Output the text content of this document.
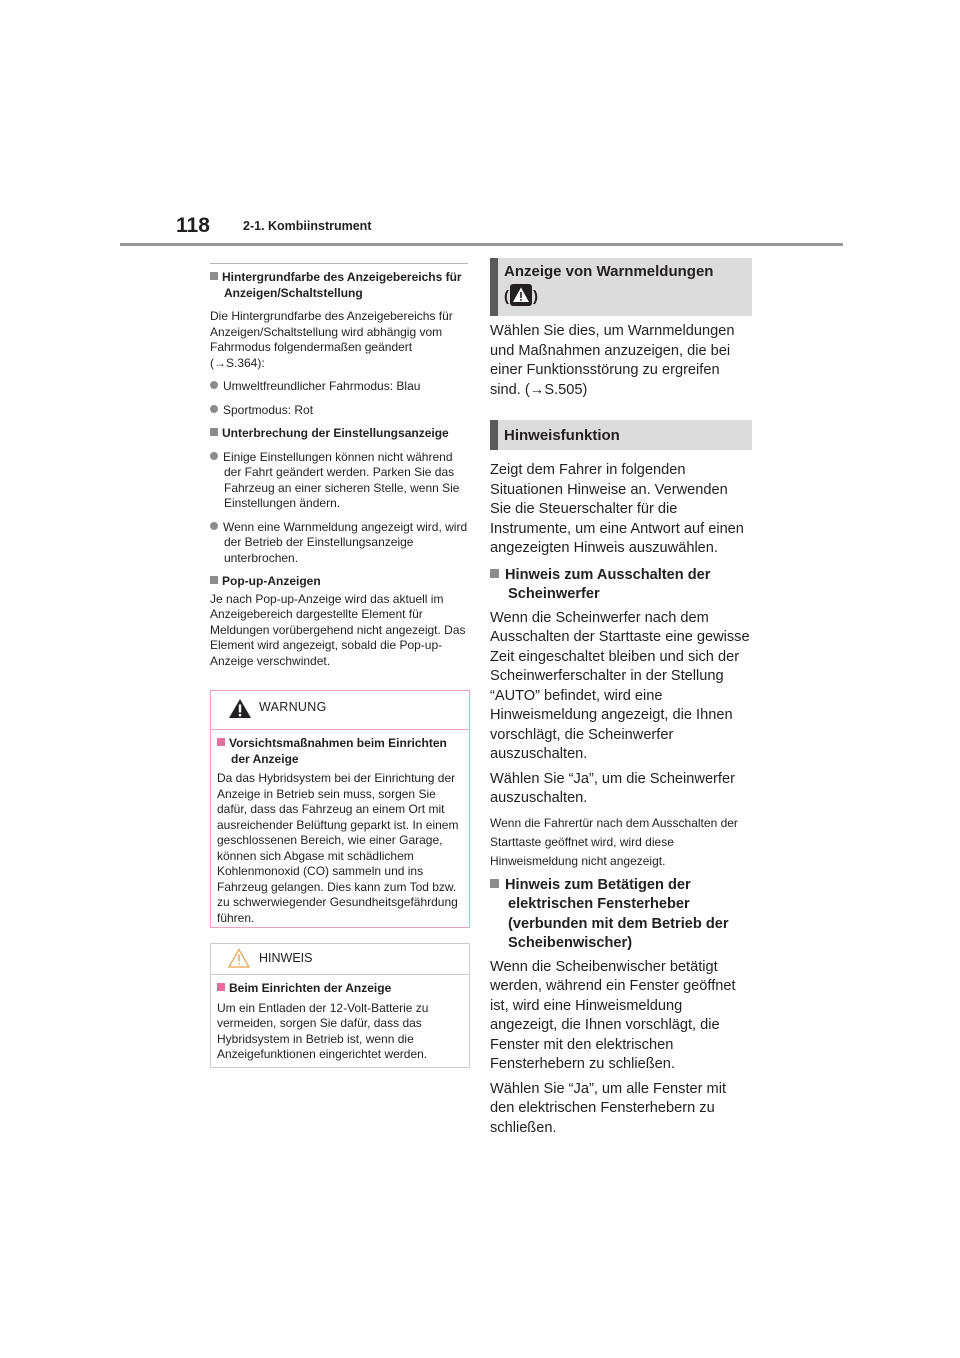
118	2-1. Kombiinstrument
Hintergrundfarbe des Anzeigebereichs für Anzeigen/Schaltstellung
Die Hintergrundfarbe des Anzeigebereichs für Anzeigen/Schaltstellung wird abhängig vom Fahrmodus folgendermaßen geändert (→S.364):
Umweltfreundlicher Fahrmodus: Blau
Sportmodus: Rot
Unterbrechung der Einstellungsanzeige
Einige Einstellungen können nicht während der Fahrt geändert werden. Parken Sie das Fahrzeug an einer sicheren Stelle, wenn Sie Einstellungen ändern.
Wenn eine Warnmeldung angezeigt wird, wird der Betrieb der Einstellungsanzeige unterbrochen.
Pop-up-Anzeigen
Je nach Pop-up-Anzeige wird das aktuell im Anzeigebereich dargestellte Element für Meldungen vorübergehend nicht angezeigt. Das Element wird angezeigt, sobald die Pop-up-Anzeige verschwindet.
WARNUNG
Vorsichtsmaßnahmen beim Einrichten der Anzeige
Da das Hybridsystem bei der Einrichtung der Anzeige in Betrieb sein muss, sorgen Sie dafür, dass das Fahrzeug an einem Ort mit ausreichender Belüftung geparkt ist. In einem geschlossenen Bereich, wie einer Garage, können sich Abgase mit schädlichem Kohlenmonoxid (CO) sammeln und ins Fahrzeug gelangen. Dies kann zum Tod bzw. zu schwerwiegender Gesundheitsgefährdung führen.
HINWEIS
Beim Einrichten der Anzeige
Um ein Entladen der 12-Volt-Batterie zu vermeiden, sorgen Sie dafür, dass das Hybridsystem in Betrieb ist, wenn die Anzeigefunktionen eingerichtet werden.
Anzeige von Warnmeldungen
( )
Wählen Sie dies, um Warnmeldungen und Maßnahmen anzuzeigen, die bei einer Funktionsstörung zu ergreifen sind. (→S.505)
Hinweisfunktion
Zeigt dem Fahrer in folgenden Situationen Hinweise an. Verwenden Sie die Steuerschalter für die Instrumente, um eine Antwort auf einen angezeigten Hinweis auszuwählen.
Hinweis zum Ausschalten der Scheinwerfer
Wenn die Scheinwerfer nach dem Ausschalten der Starttaste eine gewisse Zeit eingeschaltet bleiben und sich der Scheinwerferschalter in der Stellung “AUTO” befindet, wird eine Hinweismeldung angezeigt, die Ihnen vorschlägt, die Scheinwerfer auszuschalten.
Wählen Sie “Ja”, um die Scheinwerfer auszuschalten.
Wenn die Fahrertür nach dem Ausschalten der Starttaste geöffnet wird, wird diese Hinweismeldung nicht angezeigt.
Hinweis zum Betätigen der elektrischen Fensterheber (verbunden mit dem Betrieb der Scheibenwischer)
Wenn die Scheibenwischer betätigt werden, während ein Fenster geöffnet ist, wird eine Hinweismeldung angezeigt, die Ihnen vorschlägt, die Fenster mit den elektrischen Fensterhebern zu schließen.
Wählen Sie “Ja”, um alle Fenster mit den elektrischen Fensterhebern zu schließen.
